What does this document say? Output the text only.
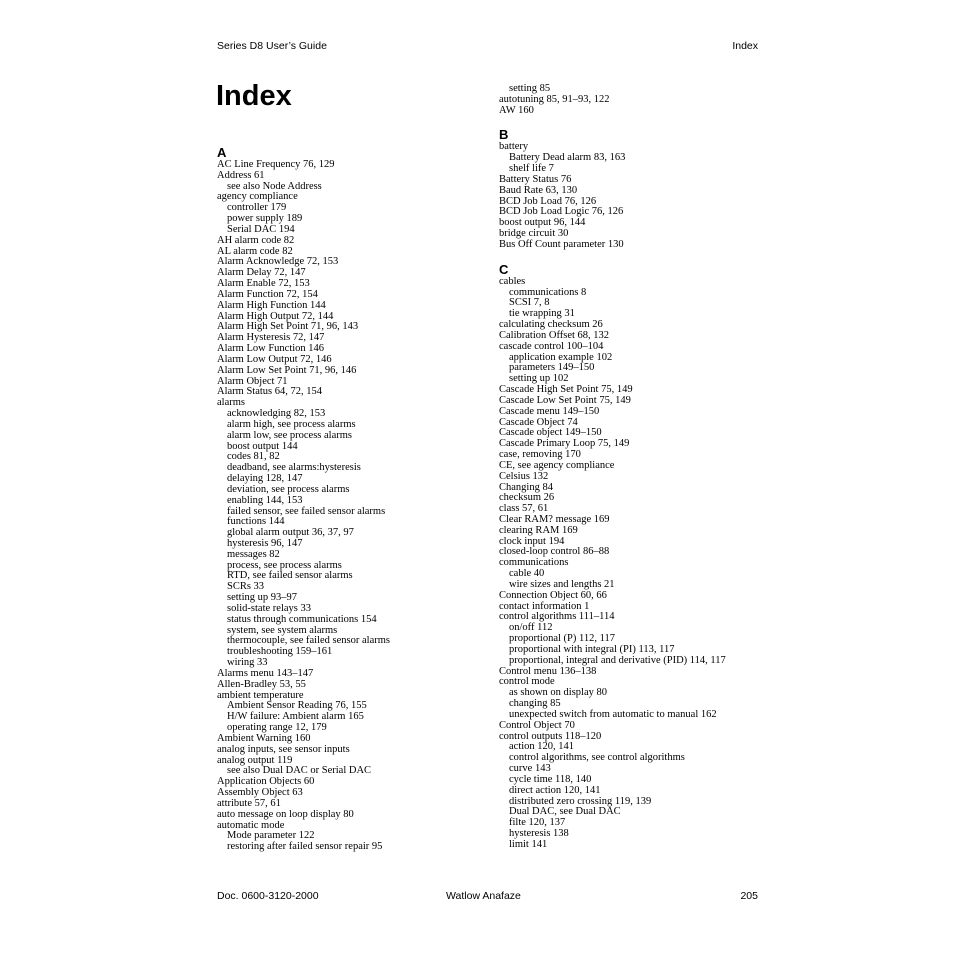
Series D8 User’s Guide	Index
Index
A
AC Line Frequency 76, 129
Address 61
see also Node Address
agency compliance
controller 179
power supply 189
Serial DAC 194
AH alarm code 82
AL alarm code 82
Alarm Acknowledge 72, 153
Alarm Delay 72, 147
Alarm Enable 72, 153
Alarm Function 72, 154
Alarm High Function 144
Alarm High Output 72, 144
Alarm High Set Point 71, 96, 143
Alarm Hysteresis 72, 147
Alarm Low Function 146
Alarm Low Output 72, 146
Alarm Low Set Point 71, 96, 146
Alarm Object 71
Alarm Status 64, 72, 154
alarms
acknowledging 82, 153
alarm high, see process alarms
alarm low, see process alarms
boost output 144
codes 81, 82
deadband, see alarms:hysteresis
delaying 128, 147
deviation, see process alarms
enabling 144, 153
failed sensor, see failed sensor alarms
functions 144
global alarm output 36, 37, 97
hysteresis 96, 147
messages 82
process, see process alarms
RTD, see failed sensor alarms
SCRs 33
setting up 93–97
solid-state relays 33
status through communications 154
system, see system alarms
thermocouple, see failed sensor alarms
troubleshooting 159–161
wiring 33
Alarms menu 143–147
Allen-Bradley 53, 55
ambient temperature
Ambient Sensor Reading 76, 155
H/W failure: Ambient alarm 165
operating range 12, 179
Ambient Warning 160
analog inputs, see sensor inputs
analog output 119
see also Dual DAC or Serial DAC
Application Objects 60
Assembly Object 63
attribute 57, 61
auto message on loop display 80
automatic mode
Mode parameter 122
restoring after failed sensor repair 95
setting 85
autotuning 85, 91–93, 122
AW 160
B
battery
Battery Dead alarm 83, 163
shelf life 7
Battery Status 76
Baud Rate 63, 130
BCD Job Load 76, 126
BCD Job Load Logic 76, 126
boost output 96, 144
bridge circuit 30
Bus Off Count parameter 130
C
cables
communications 8
SCSI 7, 8
tie wrapping 31
calculating checksum 26
Calibration Offset 68, 132
cascade control 100–104
application example 102
parameters 149–150
setting up 102
Cascade High Set Point 75, 149
Cascade Low Set Point 75, 149
Cascade menu 149–150
Cascade Object 74
Cascade object 149–150
Cascade Primary Loop 75, 149
case, removing 170
CE, see agency compliance
Celsius 132
Changing 84
checksum 26
class 57, 61
Clear RAM? message 169
clearing RAM 169
clock input 194
closed-loop control 86–88
communications
cable 40
wire sizes and lengths 21
Connection Object 60, 66
contact information 1
control algorithms 111–114
on/off 112
proportional (P) 112, 117
proportional with integral (PI) 113, 117
proportional, integral and derivative (PID) 114, 117
Control menu 136–138
control mode
as shown on display 80
changing 85
unexpected switch from automatic to manual 162
Control Object 70
control outputs 118–120
action 120, 141
control algorithms, see control algorithms
curve 143
cycle time 118, 140
direct action 120, 141
distributed zero crossing 119, 139
Dual DAC, see Dual DAC
filte 120, 137
hysteresis 138
limit 141
Doc. 0600-3120-2000	Watlow Anafaze	205
